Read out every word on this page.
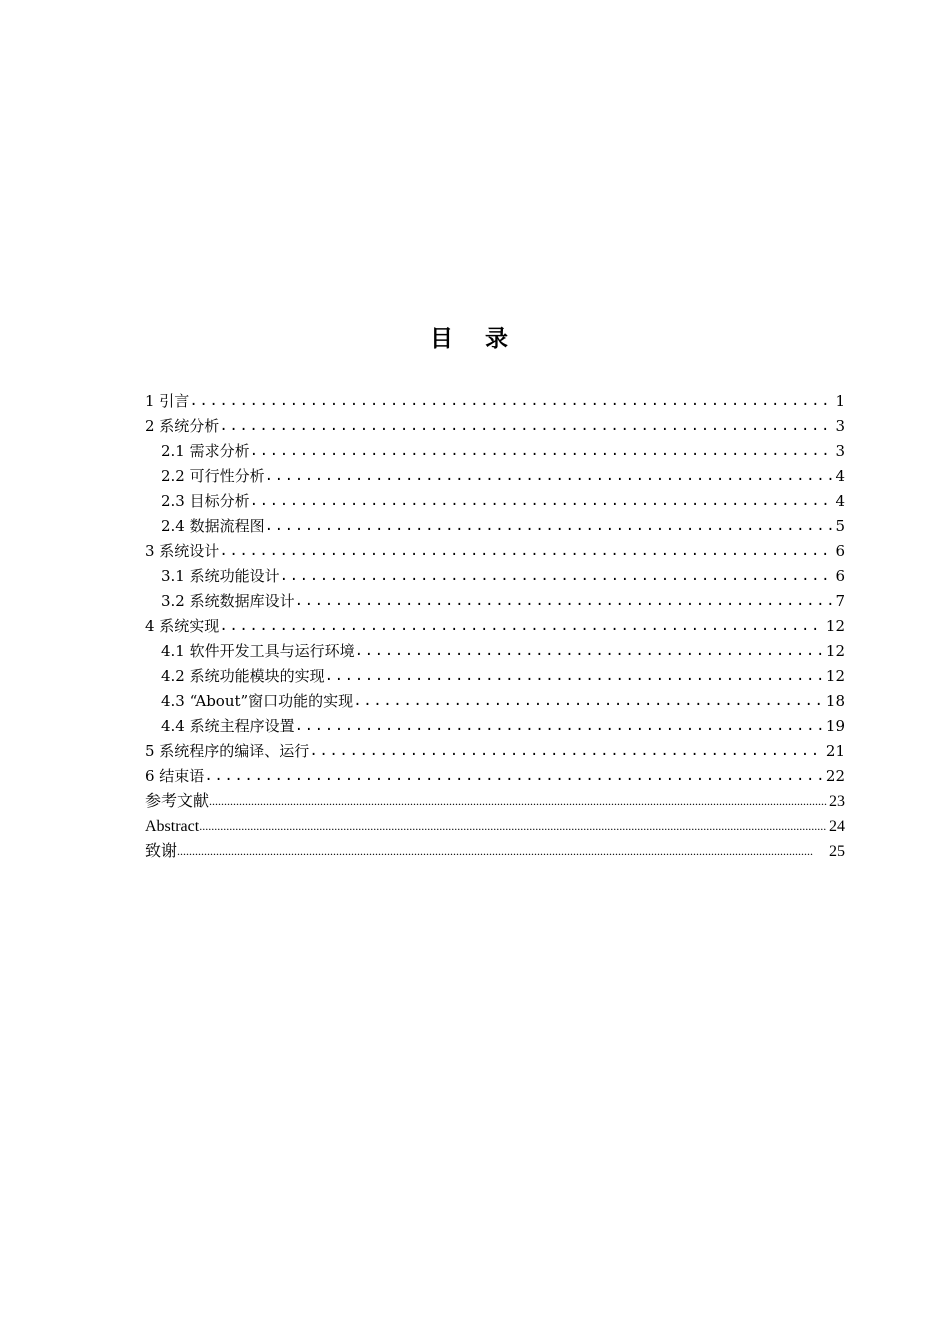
目 录
1 引言 .....	1
2 系统分析 .....	3
2.1 需求分析 .....	3
2.2 可行性分析 .....	4
2.3 目标分析 .....	4
2.4 数据流程图 .....	5
3 系统设计 .....	6
3.1 系统功能设计 .....	6
3.2 系统数据库设计 .....	7
4 系统实现 .....	12
4.1 软件开发工具与运行环境 .....	12
4.2 系统功能模块的实现 .....	12
4.3 “About”窗口功能的实现 .....	18
4.4 系统主程序设置 .....	19
5 系统程序的编译、运行 .....	21
6 结束语 .....	22
参考文献 .....	23
Abstract .....	24
致谢 .....	25
